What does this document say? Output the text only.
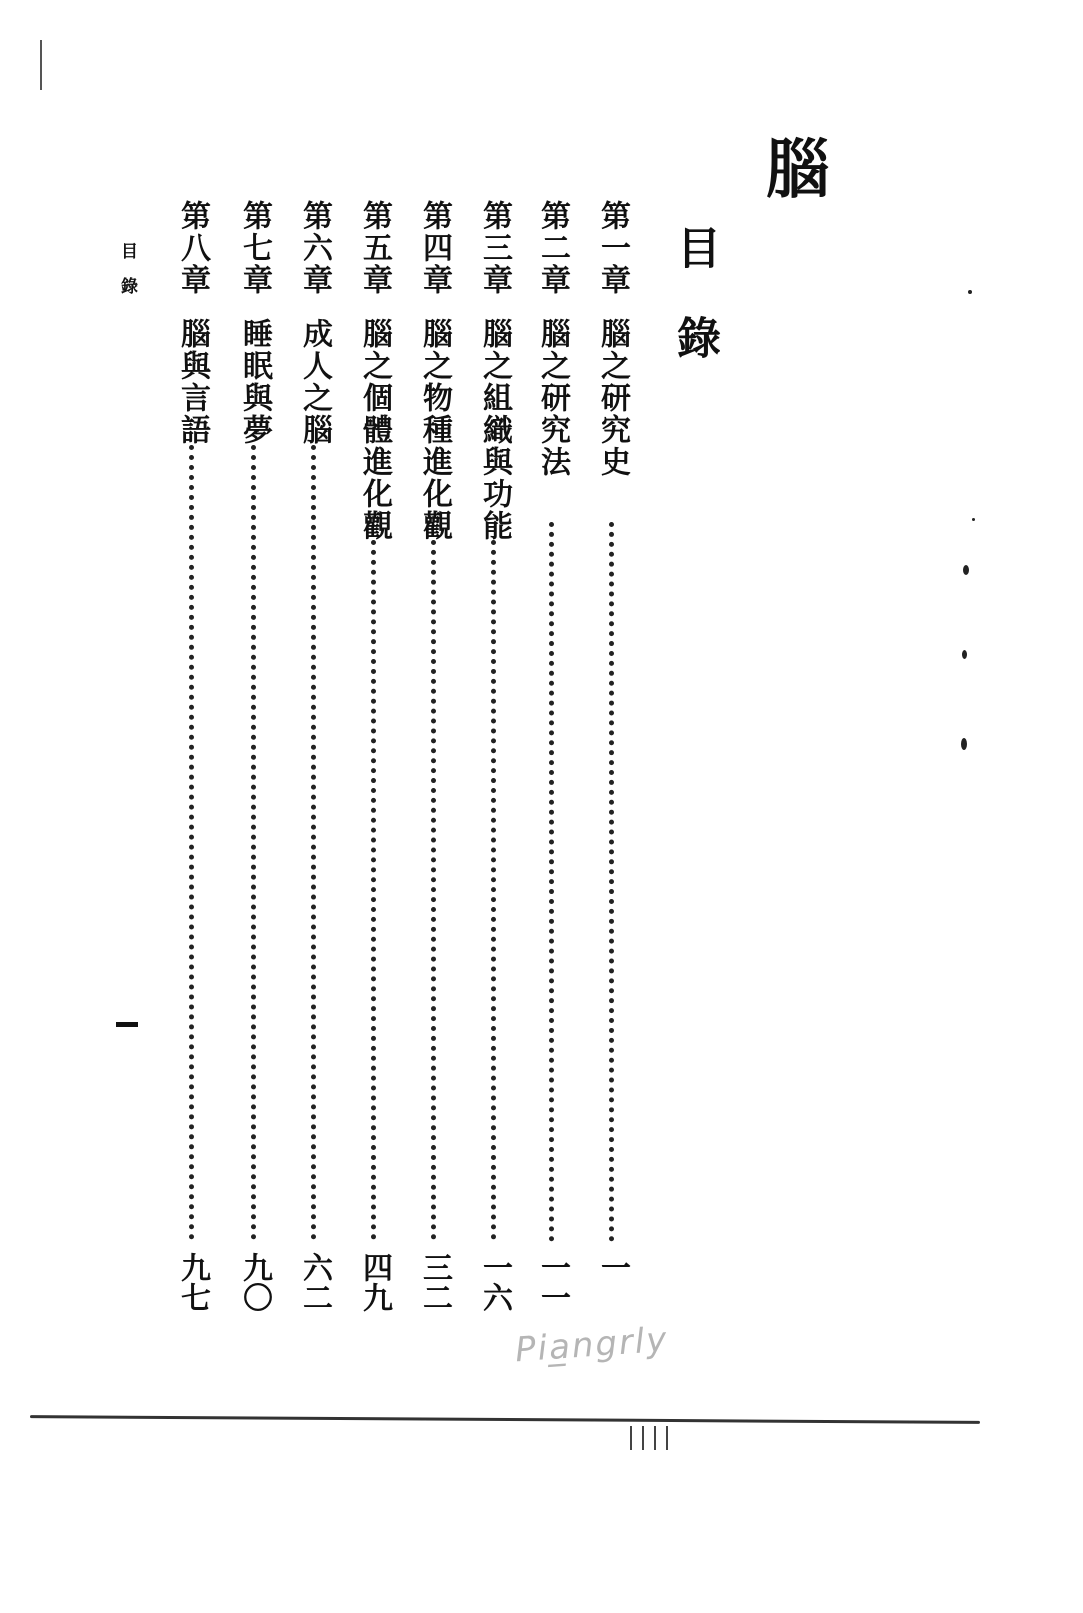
腦
目錄
目錄	第一章
腦之研究史
一
第二章
腦之研究法
一一
第三章
腦之組織與功能
一六
第四章
腦之物種進化觀
三二
第五章
腦之個體進化觀
四九
第六章
成人之腦
六二
第七章
睡眠與夢
九〇
第八章
腦與言語
九七
Pia̲ngrly
